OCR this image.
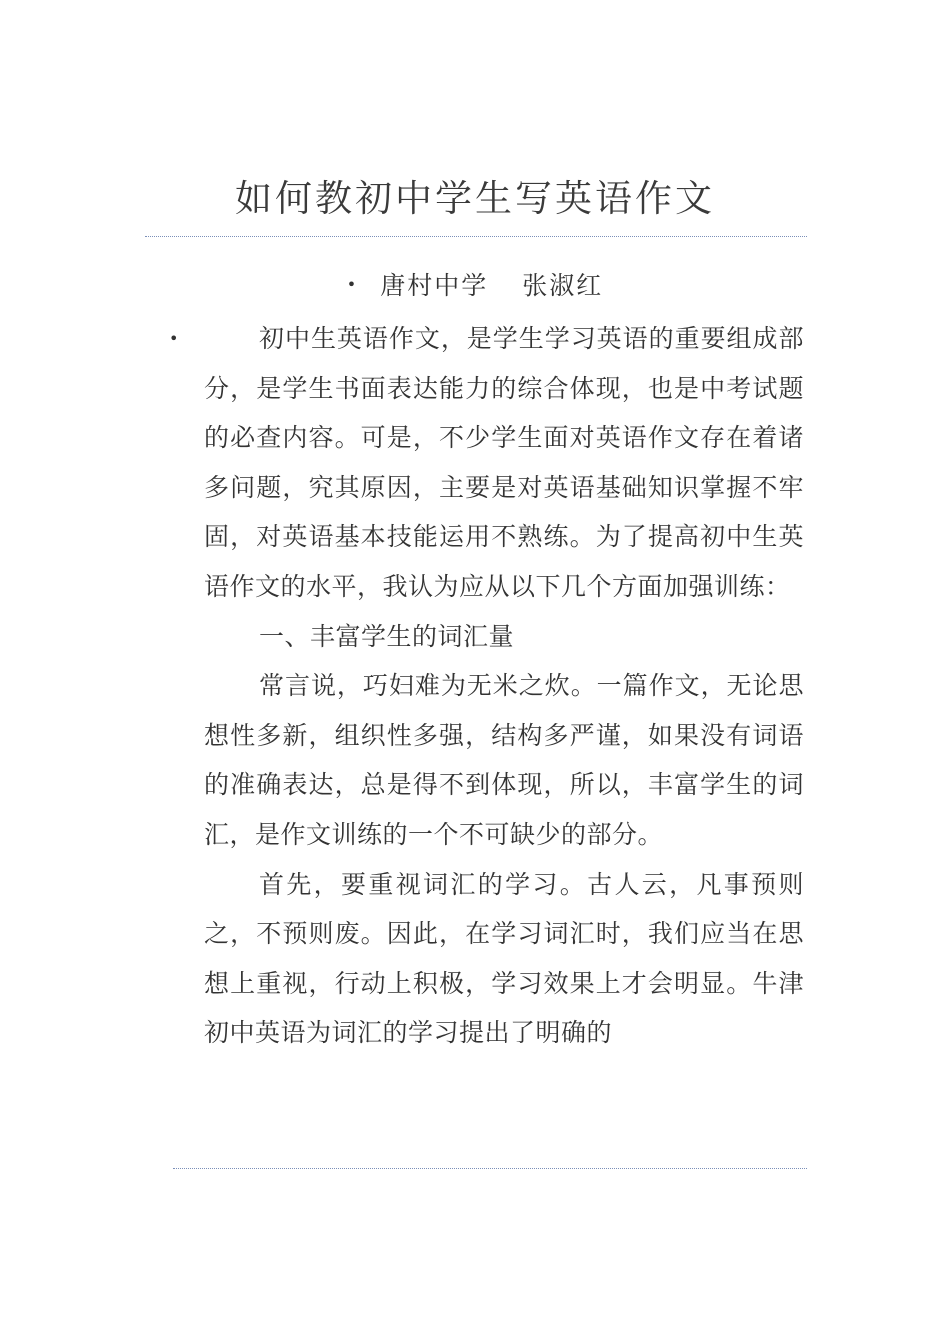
如何教初中学生写英语作文
• 唐村中学 张淑红
•	初中生英语作文，是学生学习英语的重要组成部分，是学生书面表达能力的综合体现，也是中考试题的必查内容。可是，不少学生面对英语作文存在着诸多问题，究其原因，主要是对英语基础知识掌握不牢固，对英语基本技能运用不熟练。为了提高初中生英语作文的水平，我认为应从以下几个方面加强训练：

一、丰富学生的词汇量

常言说，巧妇难为无米之炊。一篇作文，无论思想性多新，组织性多强，结构多严谨，如果没有词语的准确表达，总是得不到体现，所以，丰富学生的词汇，是作文训练的一个不可缺少的部分。

首先，要重视词汇的学习。古人云，凡事预则之，不预则废。因此，在学习词汇时，我们应当在思想上重视，行动上积极，学习效果上才会明显。牛津初中英语为词汇的学习提出了明确的
